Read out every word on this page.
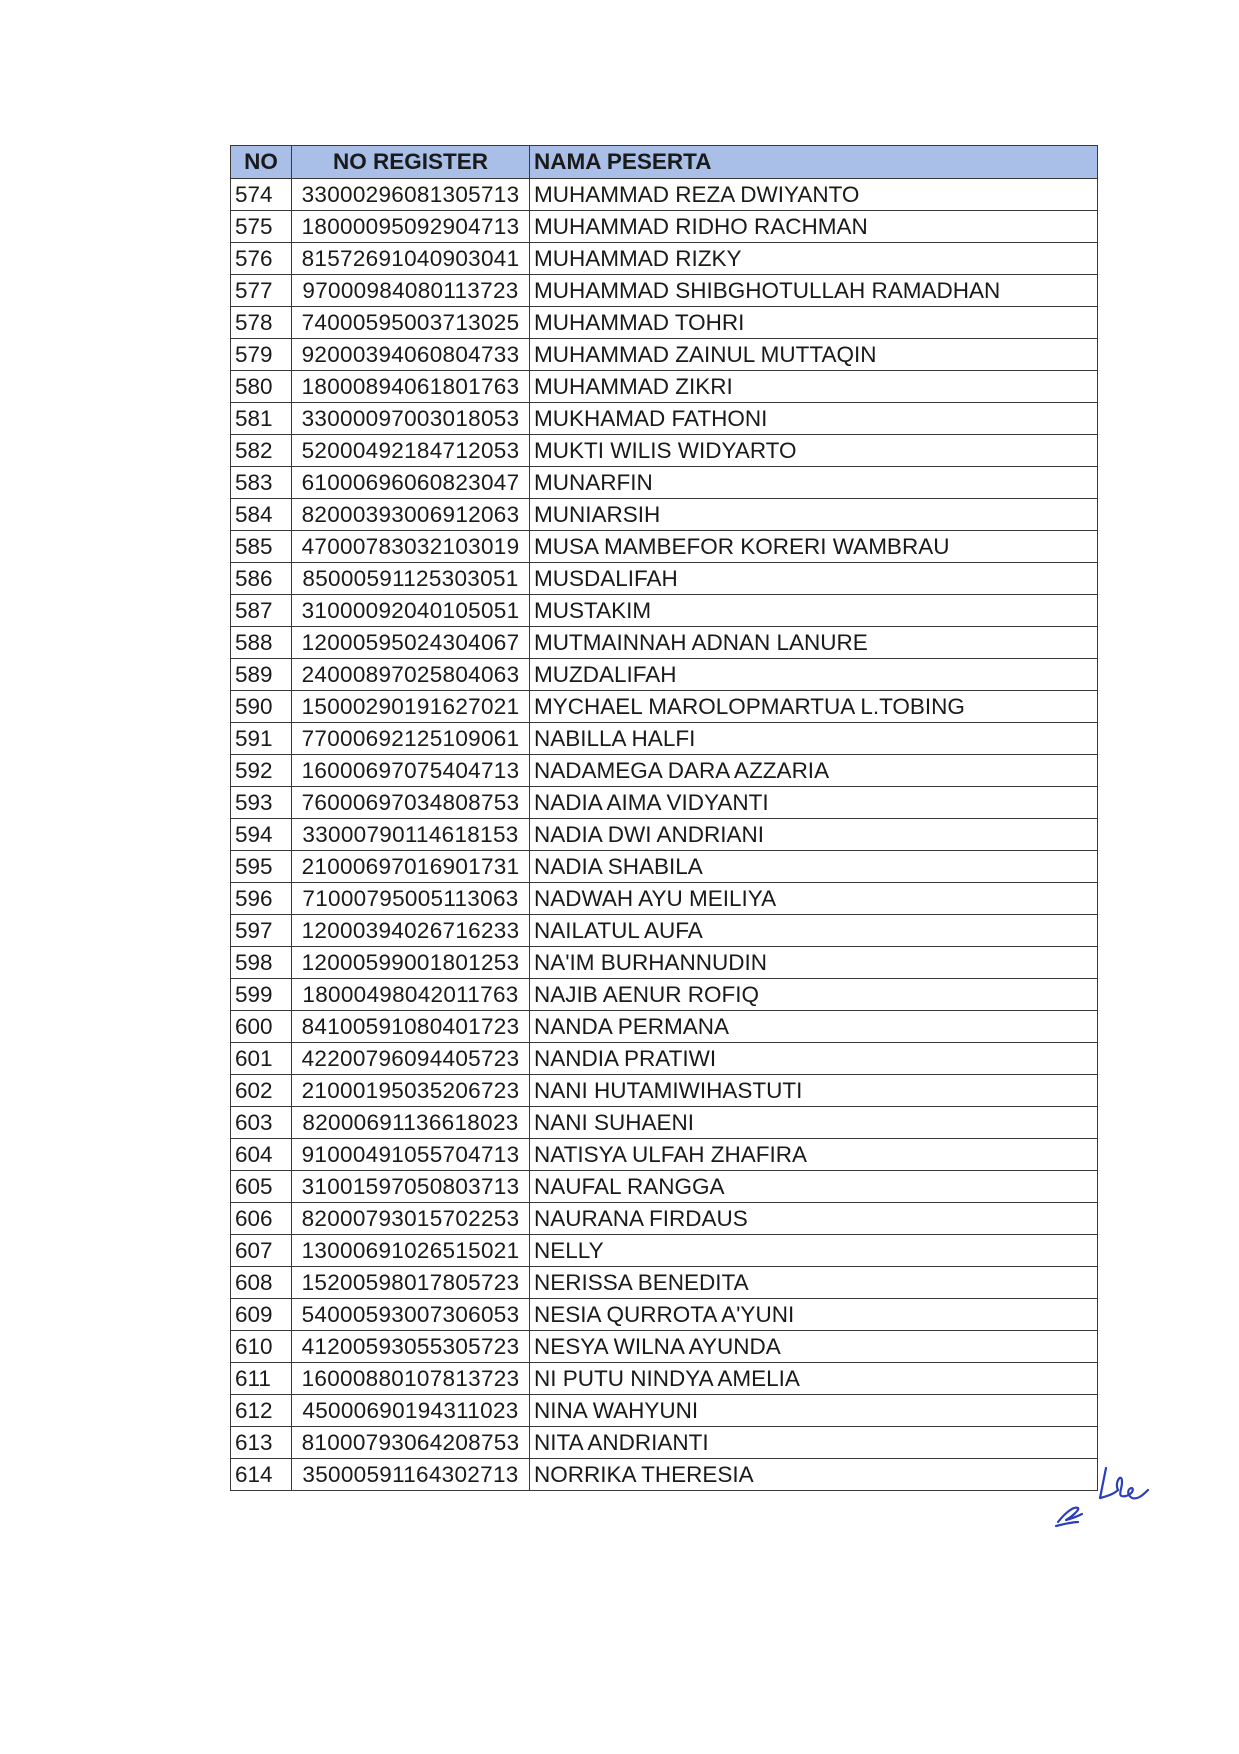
NO	NO REGISTER	NAMA PESERTA
574	33000296081305713	MUHAMMAD REZA DWIYANTO
575	18000095092904713	MUHAMMAD RIDHO RACHMAN
576	81572691040903041	MUHAMMAD RIZKY
577	97000984080113723	MUHAMMAD SHIBGHOTULLAH RAMADHAN
578	74000595003713025	MUHAMMAD TOHRI
579	92000394060804733	MUHAMMAD ZAINUL MUTTAQIN
580	18000894061801763	MUHAMMAD ZIKRI
581	33000097003018053	MUKHAMAD FATHONI
582	52000492184712053	MUKTI WILIS WIDYARTO
583	61000696060823047	MUNARFIN
584	82000393006912063	MUNIARSIH
585	47000783032103019	MUSA MAMBEFOR KORERI WAMBRAU
586	85000591125303051	MUSDALIFAH
587	31000092040105051	MUSTAKIM
588	12000595024304067	MUTMAINNAH ADNAN LANURE
589	24000897025804063	MUZDALIFAH
590	15000290191627021	MYCHAEL MAROLOPMARTUA L.TOBING
591	77000692125109061	NABILLA HALFI
592	16000697075404713	NADAMEGA DARA AZZARIA
593	76000697034808753	NADIA AIMA VIDYANTI
594	33000790114618153	NADIA DWI ANDRIANI
595	21000697016901731	NADIA SHABILA
596	71000795005113063	NADWAH AYU MEILIYA
597	12000394026716233	NAILATUL AUFA
598	12000599001801253	NA'IM BURHANNUDIN
599	18000498042011763	NAJIB AENUR ROFIQ
600	84100591080401723	NANDA PERMANA
601	42200796094405723	NANDIA PRATIWI
602	21000195035206723	NANI HUTAMIWIHASTUTI
603	82000691136618023	NANI SUHAENI
604	91000491055704713	NATISYA ULFAH ZHAFIRA
605	31001597050803713	NAUFAL RANGGA
606	82000793015702253	NAURANA FIRDAUS
607	13000691026515021	NELLY
608	15200598017805723	NERISSA BENEDITA
609	54000593007306053	NESIA QURROTA A'YUNI
610	41200593055305723	NESYA WILNA AYUNDA
611	16000880107813723	NI PUTU NINDYA AMELIA
612	45000690194311023	NINA WAHYUNI
613	81000793064208753	NITA ANDRIANTI
614	35000591164302713	NORRIKA THERESIA
